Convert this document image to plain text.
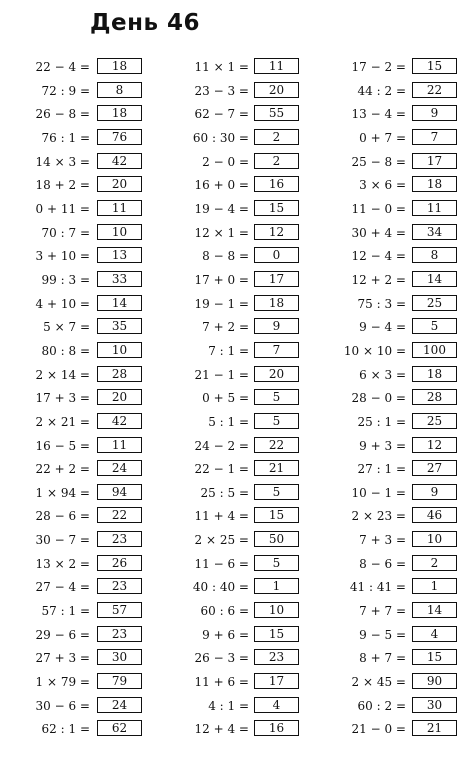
День 46
22 − 4 =	18
72 : 9 =	8
26 − 8 =	18
76 : 1 =	76
14 × 3 =	42
18 + 2 =	20
0 + 11 =	11
70 : 7 =	10
3 + 10 =	13
99 : 3 =	33
4 + 10 =	14
5 × 7 =	35
80 : 8 =	10
2 × 14 =	28
17 + 3 =	20
2 × 21 =	42
16 − 5 =	11
22 + 2 =	24
1 × 94 =	94
28 − 6 =	22
30 − 7 =	23
13 × 2 =	26
27 − 4 =	23
57 : 1 =	57
29 − 6 =	23
27 + 3 =	30
1 × 79 =	79
30 − 6 =	24
62 : 1 =	62
11 × 1 =	11
23 − 3 =	20
62 − 7 =	55
60 : 30 =	2
2 − 0 =	2
16 + 0 =	16
19 − 4 =	15
12 × 1 =	12
8 − 8 =	0
17 + 0 =	17
19 − 1 =	18
7 + 2 =	9
7 : 1 =	7
21 − 1 =	20
0 + 5 =	5
5 : 1 =	5
24 − 2 =	22
22 − 1 =	21
25 : 5 =	5
11 + 4 =	15
2 × 25 =	50
11 − 6 =	5
40 : 40 =	1
60 : 6 =	10
9 + 6 =	15
26 − 3 =	23
11 + 6 =	17
4 : 1 =	4
12 + 4 =	16
17 − 2 =	15
44 : 2 =	22
13 − 4 =	9
0 + 7 =	7
25 − 8 =	17
3 × 6 =	18
11 − 0 =	11
30 + 4 =	34
12 − 4 =	8
12 + 2 =	14
75 : 3 =	25
9 − 4 =	5
10 × 10 =	100
6 × 3 =	18
28 − 0 =	28
25 : 1 =	25
9 + 3 =	12
27 : 1 =	27
10 − 1 =	9
2 × 23 =	46
7 + 3 =	10
8 − 6 =	2
41 : 41 =	1
7 + 7 =	14
9 − 5 =	4
8 + 7 =	15
2 × 45 =	90
60 : 2 =	30
21 − 0 =	21
